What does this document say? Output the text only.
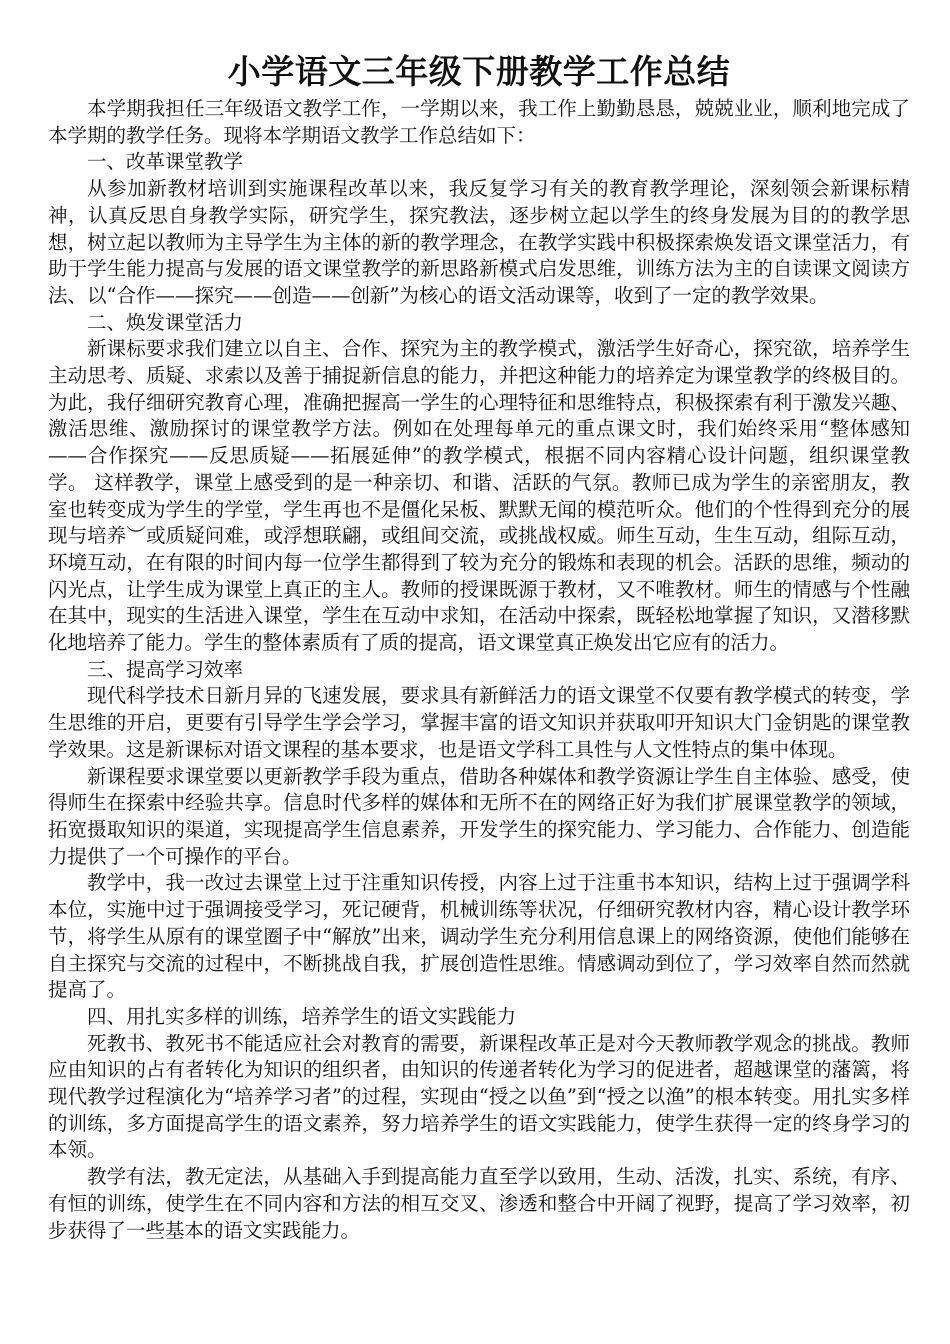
小学语文三年级下册教学工作总结

本学期我担任三年级语文教学工作，一学期以来，我工作上勤勤恳恳，兢兢业业，顺利地完成了本学期的教学任务。现将本学期语文教学工作总结如下：

一、改革课堂教学

从参加新教材培训到实施课程改革以来，我反复学习有关的教育教学理论，深刻领会新课标精神，认真反思自身教学实际，研究学生，探究教法，逐步树立起以学生的终身发展为目的的教学思想，树立起以教师为主导学生为主体的新的教学理念，在教学实践中积极探索焕发语文课堂活力，有助于学生能力提高与发展的语文课堂教学的新思路新模式启发思维，训练方法为主的自读课文阅读方法、以“合作——探究——创造——创新”为核心的语文活动课等，收到了一定的教学效果。

二、焕发课堂活力

新课标要求我们建立以自主、合作、探究为主的教学模式，激活学生好奇心，探究欲，培养学生主动思考、质疑、求索以及善于捕捉新信息的能力，并把这种能力的培养定为课堂教学的终极目的。为此，我仔细研究教育心理，准确把握高一学生的心理特征和思维特点，积极探索有利于激发兴趣、激活思维、激励探讨的课堂教学方法。例如在处理每单元的重点课文时，我们始终采用“整体感知——合作探究——反思质疑——拓展延伸”的教学模式，根据不同内容精心设计问题，组织课堂教学。 这样教学，课堂上感受到的是一种亲切、和谐、活跃的气氛。教师已成为学生的亲密朋友，教室也转变成为学生的学堂，学生再也不是僵化呆板、默默无闻的模范听众。他们的个性得到充分的展现与培养︶或质疑问难，或浮想联翩，或组间交流，或挑战权威。师生互动，生生互动，组际互动，环境互动，在有限的时间内每一位学生都得到了较为充分的锻炼和表现的机会。活跃的思维，频动的闪光点，让学生成为课堂上真正的主人。教师的授课既源于教材，又不唯教材。师生的情感与个性融在其中，现实的生活进入课堂，学生在互动中求知，在活动中探索，既轻松地掌握了知识，又潜移默化地培养了能力。学生的整体素质有了质的提高，语文课堂真正焕发出它应有的活力。

三、提高学习效率

现代科学技术日新月异的飞速发展，要求具有新鲜活力的语文课堂不仅要有教学模式的转变，学生思维的开启，更要有引导学生学会学习，掌握丰富的语文知识并获取叩开知识大门金钥匙的课堂教学效果。这是新课标对语文课程的基本要求，也是语文学科工具性与人文性特点的集中体现。

新课程要求课堂要以更新教学手段为重点，借助各种媒体和教学资源让学生自主体验、感受，使得师生在探索中经验共享。信息时代多样的媒体和无所不在的网络正好为我们扩展课堂教学的领域，拓宽摄取知识的渠道，实现提高学生信息素养，开发学生的探究能力、学习能力、合作能力、创造能力提供了一个可操作的平台。

教学中，我一改过去课堂上过于注重知识传授，内容上过于注重书本知识，结构上过于强调学科本位，实施中过于强调接受学习，死记硬背，机械训练等状况，仔细研究教材内容，精心设计教学环节，将学生从原有的课堂圈子中“解放”出来，调动学生充分利用信息课上的网络资源，使他们能够在自主探究与交流的过程中，不断挑战自我，扩展创造性思维。情感调动到位了，学习效率自然而然就提高了。

四、用扎实多样的训练，培养学生的语文实践能力

死教书、教死书不能适应社会对教育的需要，新课程改革正是对今天教师教学观念的挑战。教师应由知识的占有者转化为知识的组织者，由知识的传递者转化为学习的促进者，超越课堂的藩篱，将现代教学过程演化为“培养学习者”的过程，实现由“授之以鱼”到“授之以渔”的根本转变。用扎实多样的训练，多方面提高学生的语文素养，努力培养学生的语文实践能力，使学生获得一定的终身学习的本领。

教学有法，教无定法，从基础入手到提高能力直至学以致用，生动、活泼，扎实、系统，有序、有恒的训练，使学生在不同内容和方法的相互交叉、渗透和整合中开阔了视野，提高了学习效率，初步获得了一些基本的语文实践能力。
